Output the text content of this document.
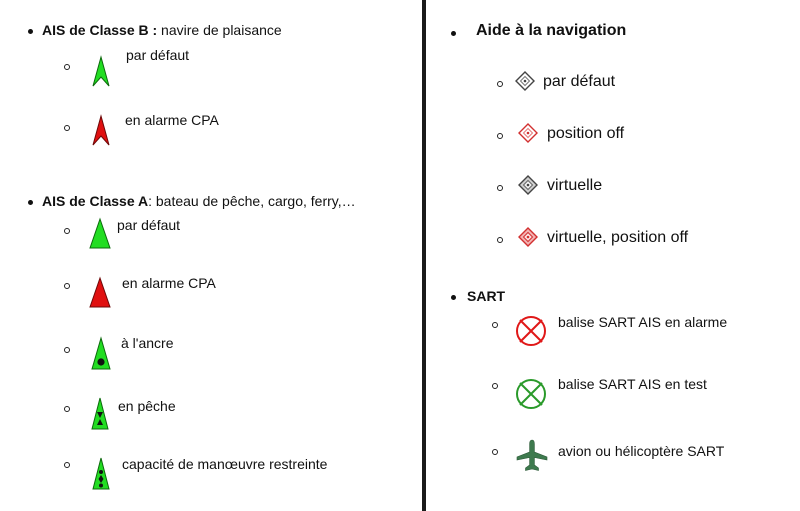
AIS de Classe B : navire de plaisance
par défaut
en alarme CPA
AIS de Classe A: bateau de pêche, cargo, ferry,…
par défaut
en alarme CPA
à l'ancre
en pêche
capacité de manœuvre restreinte
Aide à la navigation
par défaut
position off
virtuelle
virtuelle, position off
SART
balise SART AIS en alarme
balise SART AIS en test
avion ou hélicoptère SART
